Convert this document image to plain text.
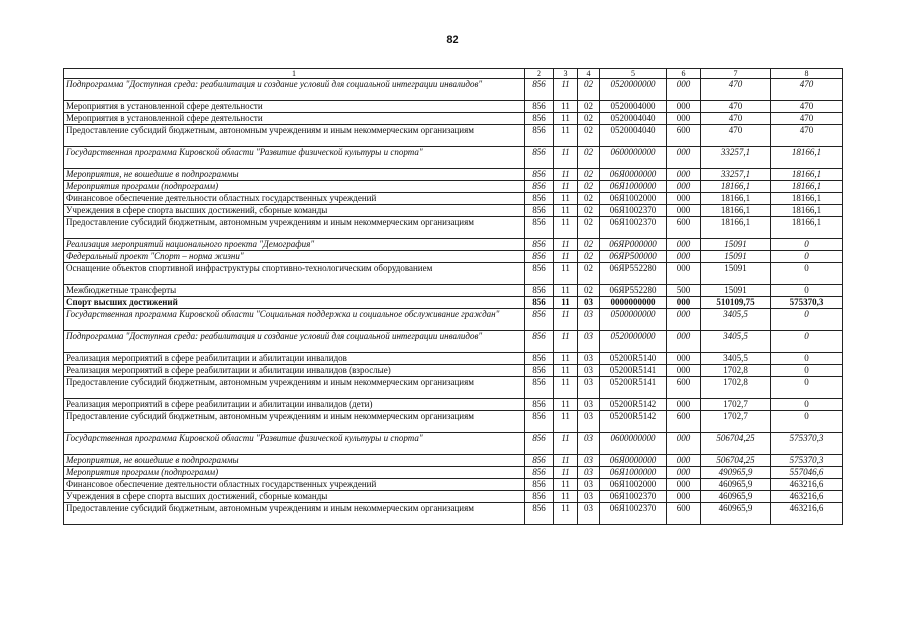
82
1	2	3	4	5	6	7	8
Подпрограмма "Доступная среда: реабилитация и создание условий для социальной интеграции инвалидов"	856	11	02	0520000000	000	470	470
Мероприятия в установленной сфере деятельности	856	11	02	0520004000	000	470	470
Мероприятия в установленной сфере деятельности	856	11	02	0520004040	000	470	470
Предоставление субсидий бюджетным, автономным учреждениям и иным некоммерческим организациям	856	11	02	0520004040	600	470	470
Государственная программа Кировской области "Развитие физической культуры и спорта"	856	11	02	0600000000	000	33257,1	18166,1
Мероприятия, не вошедшие в подпрограммы	856	11	02	06Я0000000	000	33257,1	18166,1
Мероприятия программ (подпрограмм)	856	11	02	06Я1000000	000	18166,1	18166,1
Финансовое обеспечение деятельности областных государственных учреждений	856	11	02	06Я1002000	000	18166,1	18166,1
Учреждения в сфере спорта высших достижений, сборные команды	856	11	02	06Я1002370	000	18166,1	18166,1
Предоставление субсидий бюджетным, автономным учреждениям и иным некоммерческим организациям	856	11	02	06Я1002370	600	18166,1	18166,1
Реализация мероприятий национального проекта "Демография"	856	11	02	06ЯР000000	000	15091	0
Федеральный проект "Спорт – норма жизни"	856	11	02	06ЯР500000	000	15091	0
Оснащение объектов спортивной инфраструктуры спортивно-технологическим оборудованием	856	11	02	06ЯР552280	000	15091	0
Межбюджетные трансферты	856	11	02	06ЯР552280	500	15091	0
Спорт высших достижений	856	11	03	0000000000	000	510109,75	575370,3
Государственная программа Кировской области "Социальная поддержка и социальное обслуживание граждан"	856	11	03	0500000000	000	3405,5	0
Подпрограмма "Доступная среда: реабилитация и создание условий для социальной интеграции инвалидов"	856	11	03	0520000000	000	3405,5	0
Реализация мероприятий в сфере реабилитации и абилитации инвалидов	856	11	03	05200R5140	000	3405,5	0
Реализация мероприятий в сфере реабилитации и абилитации инвалидов (взрослые)	856	11	03	05200R5141	000	1702,8	0
Предоставление субсидий бюджетным, автономным учреждениям и иным некоммерческим организациям	856	11	03	05200R5141	600	1702,8	0
Реализация мероприятий в сфере реабилитации и абилитации инвалидов (дети)	856	11	03	05200R5142	000	1702,7	0
Предоставление субсидий бюджетным, автономным учреждениям и иным некоммерческим организациям	856	11	03	05200R5142	600	1702,7	0
Государственная программа Кировской области "Развитие физической культуры и спорта"	856	11	03	0600000000	000	506704,25	575370,3
Мероприятия, не вошедшие в подпрограммы	856	11	03	06Я0000000	000	506704,25	575370,3
Мероприятия программ (подпрограмм)	856	11	03	06Я1000000	000	490965,9	557046,6
Финансовое обеспечение деятельности областных государственных учреждений	856	11	03	06Я1002000	000	460965,9	463216,6
Учреждения в сфере спорта высших достижений, сборные команды	856	11	03	06Я1002370	000	460965,9	463216,6
Предоставление субсидий бюджетным, автономным учреждениям и иным некоммерческим организациям	856	11	03	06Я1002370	600	460965,9	463216,6
